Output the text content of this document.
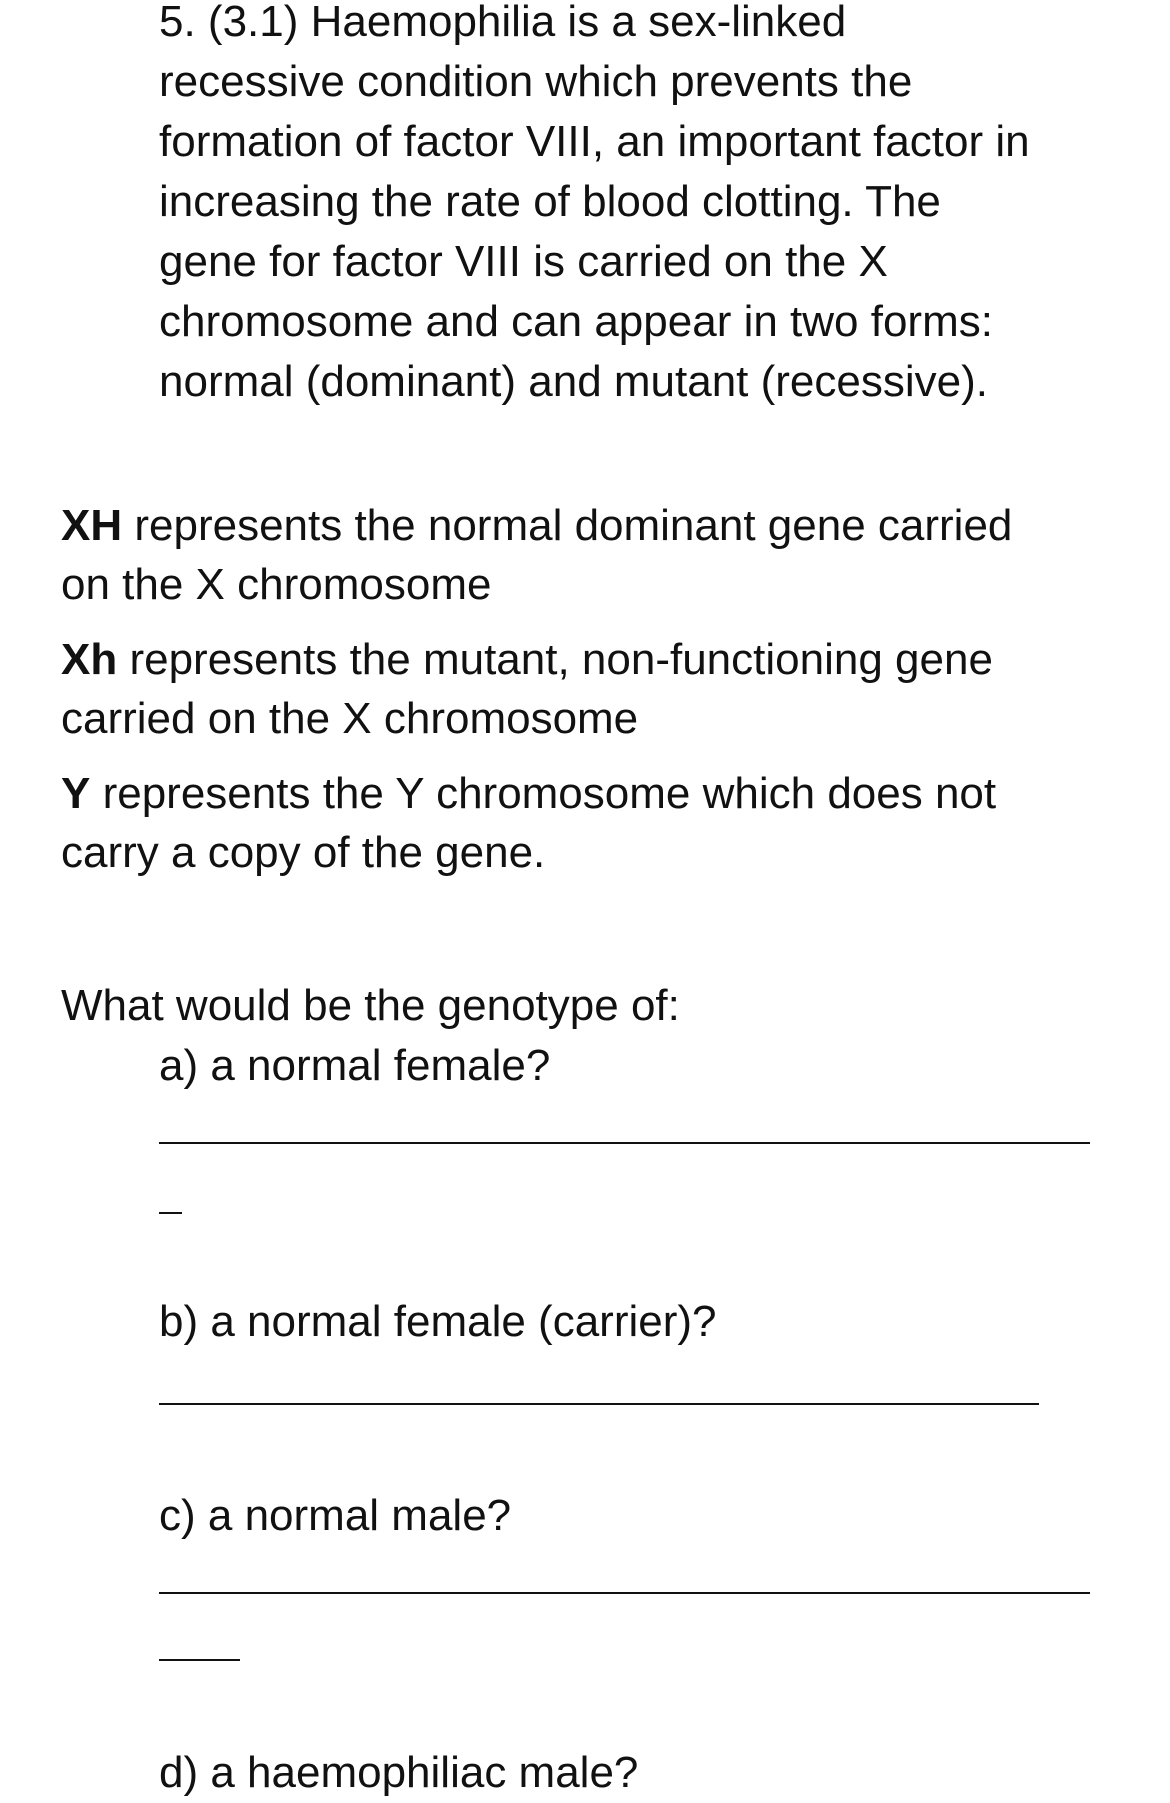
5. (3.1) Haemophilia is a sex-linked
recessive condition which prevents the
formation of factor VIII, an important factor in
increasing the rate of blood clotting. The
gene for factor VIII is carried on the X
chromosome and can appear in two forms:
normal (dominant) and mutant (recessive).

XH represents the normal dominant gene carried
on the X chromosome

Xh represents the mutant, non-functioning gene
carried on the X chromosome

Y represents the Y chromosome which does not
carry a copy of the gene.

What would be the genotype of:

a) a normal female?

b) a normal female (carrier)?

c) a normal male?

d) a haemophiliac male?
